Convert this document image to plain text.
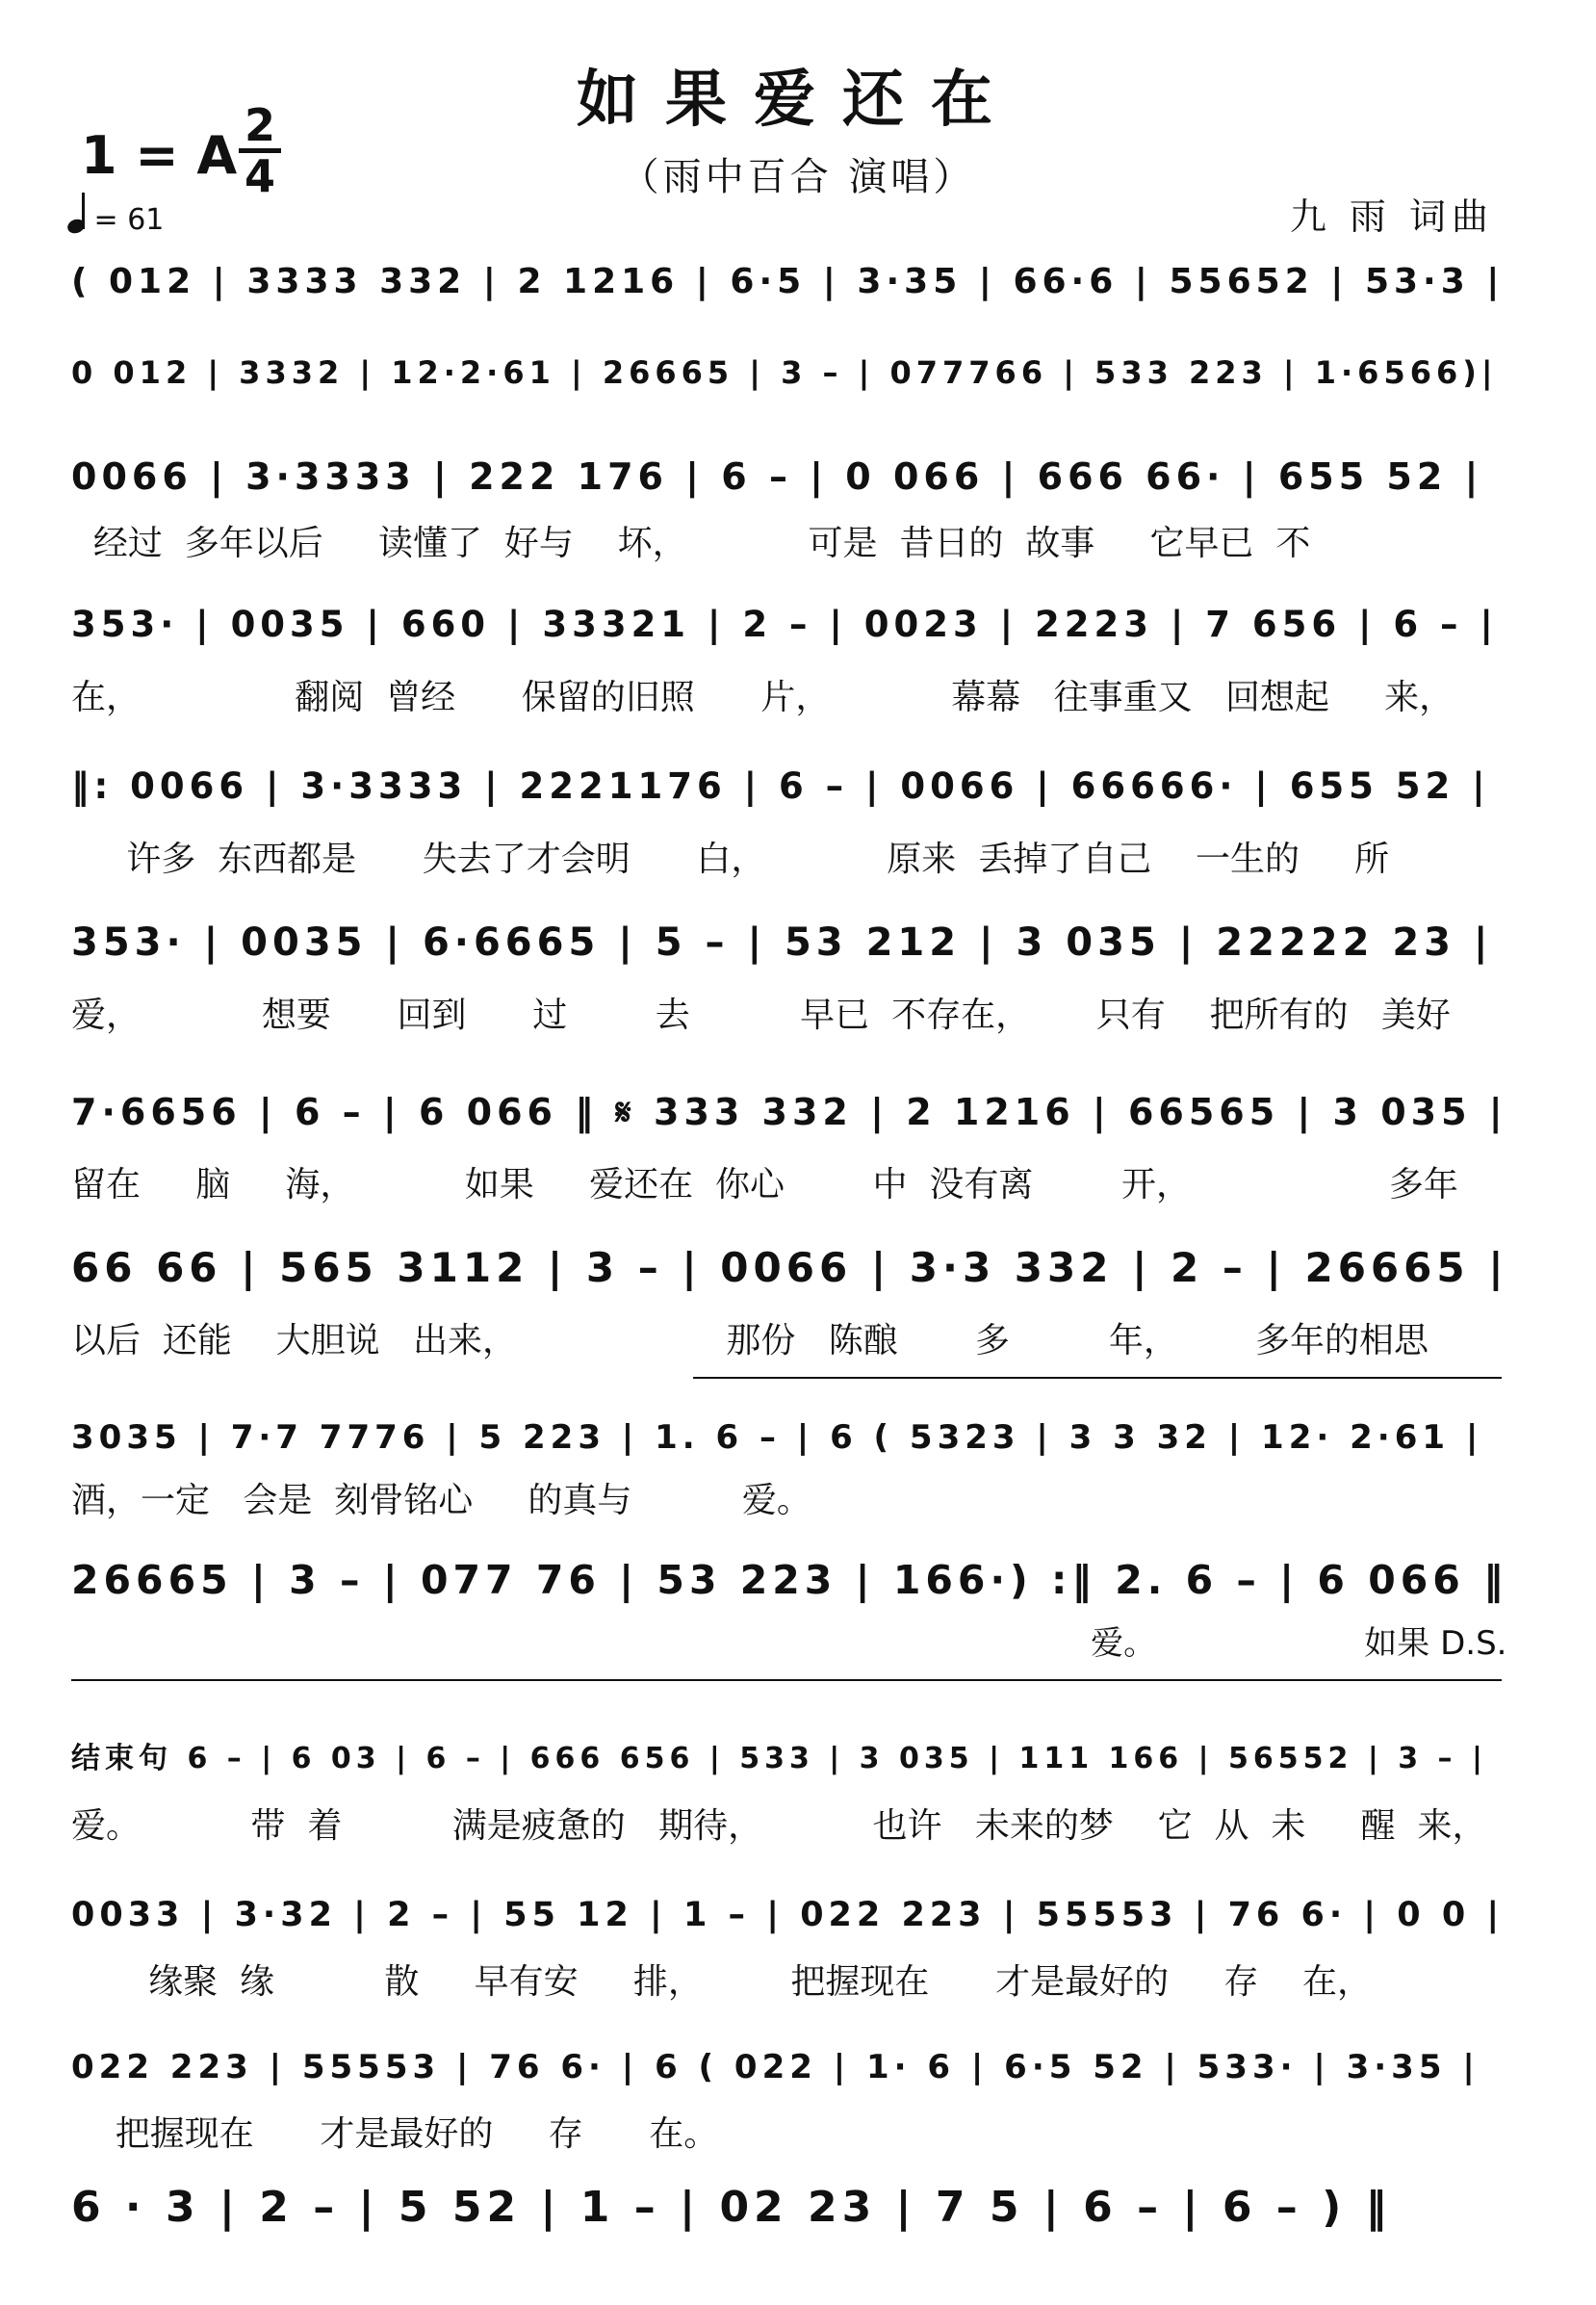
如果爱还在
（雨中百合 演唱）
1 = A 2
4
= 61	九 雨 词曲
( 012 | 3333 332 | 2 1216 | 6·5 | 3·35 | 66·6 | 55652 | 53·3 |
0 012 | 3332 | 12·2·61 | 26665 | 3 – | 077766 | 533 223 | 1·6566)|
0066 | 3·3333 | 222 176 | 6 – | 0 066 | 666 66· | 655 52 |
经过  多年以后     读懂了  好与    坏，           可是  昔日的  故事     它早已  不
353· | 0035 | 660 | 33321 | 2 – | 0023 | 2223 | 7 656 | 6 – |
在，              翻阅  曾经      保留的旧照      片，           幕幕   往事重又   回想起     来，
‖: 0066 | 3·3333 | 2221176 | 6 – | 0066 | 66666· | 655 52 |
许多  东西都是      失去了才会明      白，           原来  丢掉了自己    一生的     所
353· | 0035 | 6·6665 | 5 – | 53 212 | 3 035 | 22222 23 |
爱，           想要      回到      过        去          早已  不存在，      只有    把所有的   美好
7·6656 | 6 – | 6 066 ‖ 𝄋 333 332 | 2 1216 | 66565 | 3 035 |
留在     脑     海，          如果     爱还在  你心        中  没有离        开，                  多年
66 66 | 565 3112 | 3 – | 0066 | 3·3 332 | 2 – | 26665 |
以后  还能    大胆说   出来，                   那份   陈酿       多         年，       多年的相思
3035 | 7·7 7776 | 5 223 | 1. 6 – | 6 ( 5323 | 3 3 32 | 12· 2·61 |
酒，一定   会是  刻骨铭心     的真与          爱。
26665 | 3 – | 077 76 | 53 223 | 166·) :‖ 2. 6 – | 6 066 ‖
爱。                    如果 D.S.
结束句 6 – | 6 03 | 6 – | 666 656 | 533 | 3 035 | 111 166 | 56552 | 3 – |
爱。          带  着          满是疲惫的   期待，          也许   未来的梦    它  从  未     醒  来，
0033 | 3·32 | 2 – | 55 12 | 1 – | 022 223 | 55553 | 76 6· | 0 0 |
缘聚  缘          散     早有安     排，        把握现在      才是最好的     存    在，
022 223 | 55553 | 76 6· | 6 ( 022 | 1· 6 | 6·5 52 | 533· | 3·35 |
把握现在      才是最好的     存      在。
6 · 3 | 2 – | 5 52 | 1 – | 02 23 | 7 5 | 6 – | 6 – ) ‖
